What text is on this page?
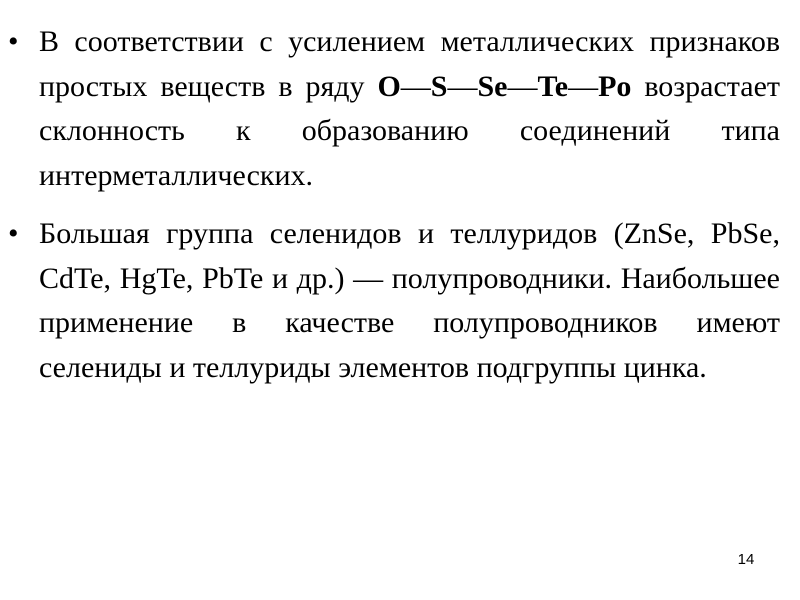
• В соответствии с усилением металлических признаков простых веществ в ряду O—S—Se—Te—Po возрастает склонность к образованию соединений типа интерметаллических.
• Большая группа селенидов и теллуридов (ZnSe, PbSe, CdTe, HgTe, PbTe и др.) — полупроводники. Наибольшее применение в качестве полупроводников имеют селениды и теллуриды элементов подгруппы цинка.
14
